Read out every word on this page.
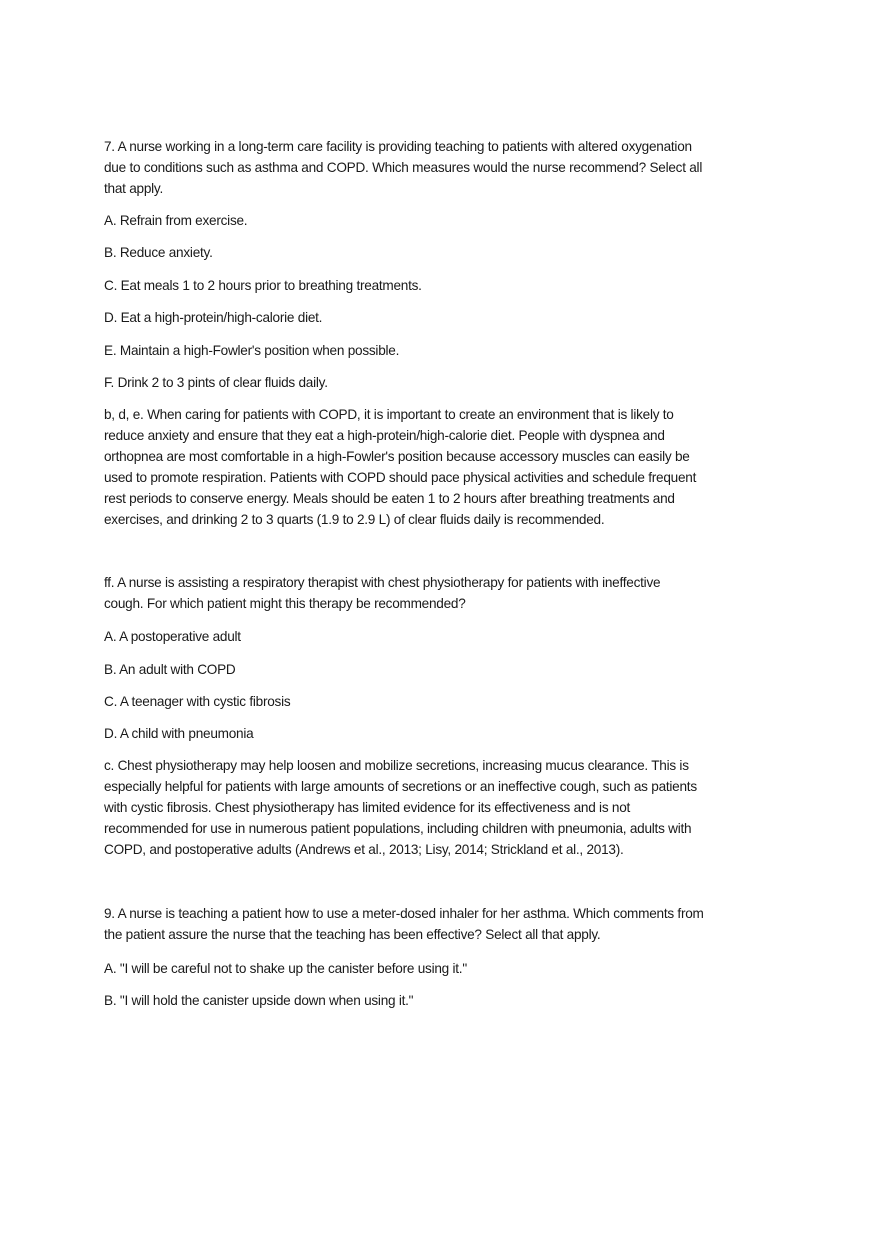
7. A nurse working in a long-term care facility is providing teaching to patients with altered oxygenation
due to conditions such as asthma and COPD. Which measures would the nurse recommend? Select all
that apply.
A. Refrain from exercise.
B. Reduce anxiety.
C. Eat meals 1 to 2 hours prior to breathing treatments.
D. Eat a high-protein/high-calorie diet.
E. Maintain a high-Fowler's position when possible.
F. Drink 2 to 3 pints of clear fluids daily.
b, d, e. When caring for patients with COPD, it is important to create an environment that is likely to
reduce anxiety and ensure that they eat a high-protein/high-calorie diet. People with dyspnea and
orthopnea are most comfortable in a high-Fowler's position because accessory muscles can easily be
used to promote respiration. Patients with COPD should pace physical activities and schedule frequent
rest periods to conserve energy. Meals should be eaten 1 to 2 hours after breathing treatments and
exercises, and drinking 2 to 3 quarts (1.9 to 2.9 L) of clear fluids daily is recommended.
ff. A nurse is assisting a respiratory therapist with chest physiotherapy for patients with ineffective
cough. For which patient might this therapy be recommended?
A. A postoperative adult
B. An adult with COPD
C. A teenager with cystic fibrosis
D. A child with pneumonia
c. Chest physiotherapy may help loosen and mobilize secretions, increasing mucus clearance. This is
especially helpful for patients with large amounts of secretions or an ineffective cough, such as patients
with cystic fibrosis. Chest physiotherapy has limited evidence for its effectiveness and is not
recommended for use in numerous patient populations, including children with pneumonia, adults with
COPD, and postoperative adults (Andrews et al., 2013; Lisy, 2014; Strickland et al., 2013).
9. A nurse is teaching a patient how to use a meter-dosed inhaler for her asthma. Which comments from
the patient assure the nurse that the teaching has been effective? Select all that apply.
A. "I will be careful not to shake up the canister before using it."
B. "I will hold the canister upside down when using it."
